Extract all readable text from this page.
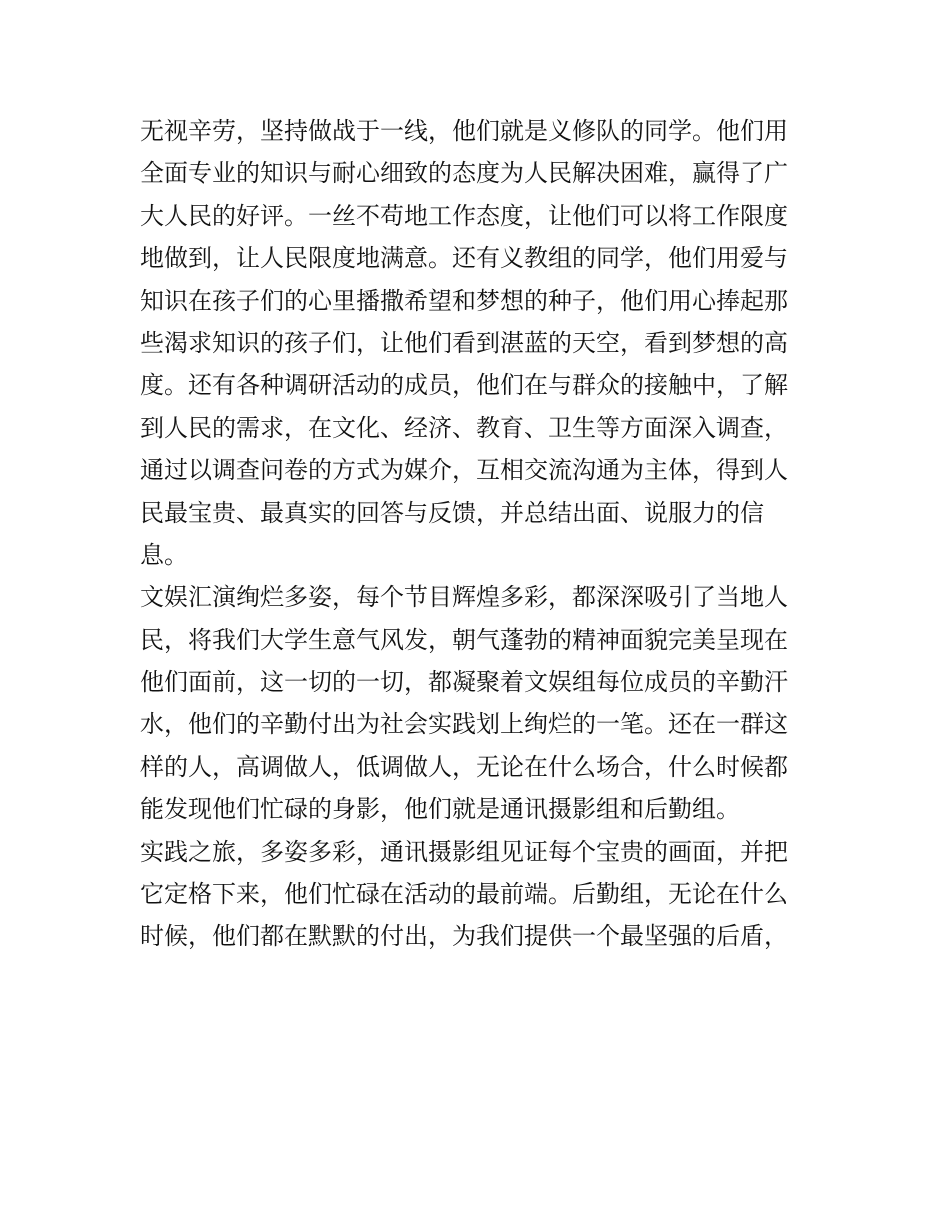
无视辛劳，坚持做战于一线，他们就是义修队的同学。他们用
全面专业的知识与耐心细致的态度为人民解决困难，赢得了广
大人民的好评。一丝不苟地工作态度，让他们可以将工作限度
地做到，让人民限度地满意。还有义教组的同学，他们用爱与
知识在孩子们的心里播撒希望和梦想的种子，他们用心捧起那
些渴求知识的孩子们，让他们看到湛蓝的天空，看到梦想的高
度。还有各种调研活动的成员，他们在与群众的接触中，了解
到人民的需求，在文化、经济、教育、卫生等方面深入调查，
通过以调查问卷的方式为媒介，互相交流沟通为主体，得到人
民最宝贵、最真实的回答与反馈，并总结出面、说服力的信
息。
文娱汇演绚烂多姿，每个节目辉煌多彩，都深深吸引了当地人
民，将我们大学生意气风发，朝气蓬勃的精神面貌完美呈现在
他们面前，这一切的一切，都凝聚着文娱组每位成员的辛勤汗
水，他们的辛勤付出为社会实践划上绚烂的一笔。还在一群这
样的人，高调做人，低调做人，无论在什么场合，什么时候都
能发现他们忙碌的身影，他们就是通讯摄影组和后勤组。
实践之旅，多姿多彩，通讯摄影组见证每个宝贵的画面，并把
它定格下来，他们忙碌在活动的最前端。后勤组，无论在什么
时候，他们都在默默的付出，为我们提供一个最坚强的后盾，
